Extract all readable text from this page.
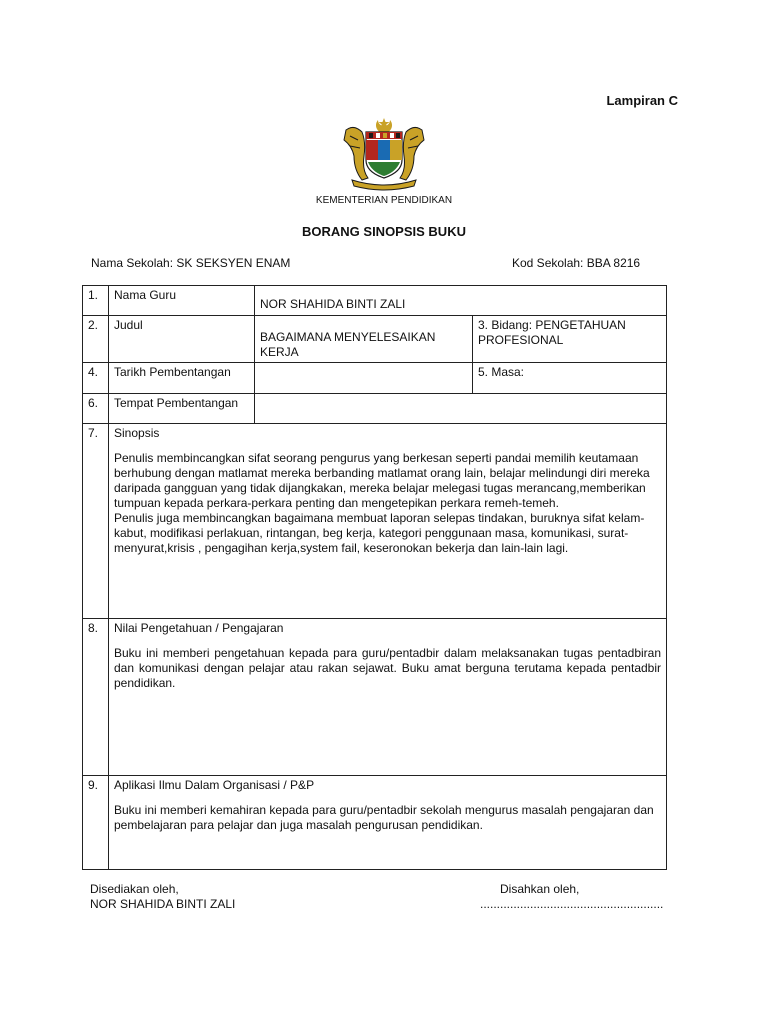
Lampiran C
KEMENTERIAN PENDIDIKAN
BORANG SINOPSIS BUKU
Nama Sekolah: SK SEKSYEN ENAM	Kod Sekolah: BBA 8216
1.	Nama Guru	NOR SHAHIDA BINTI ZALI	
2.	Judul	BAGAIMANA MENYELESAIKAN KERJA	3. Bidang: PENGETAHUAN PROFESIONAL
4.	Tarikh Pembentangan		5. Masa:
6.	Tempat Pembentangan		
7.	Sinopsis
Penulis membincangkan sifat seorang pengurus yang berkesan seperti pandai memilih keutamaan berhubung dengan matlamat mereka berbanding matlamat orang lain, belajar melindungi diri mereka daripada gangguan yang tidak dijangkakan, mereka belajar melegasi tugas merancang,memberikan tumpuan kepada perkara-perkara penting dan mengetepikan perkara remeh-temeh.
Penulis juga membincangkan bagaimana membuat laporan selepas tindakan, buruknya sifat kelam-kabut, modifikasi perlakuan, rintangan, beg kerja, kategori penggunaan masa, komunikasi, surat-menyurat,krisis , pengagihan kerja,system fail, keseronokan bekerja dan lain-lain lagi.		

8.	Nilai Pengetahuan / Pengajaran
Buku ini memberi pengetahuan kepada para guru/pentadbir dalam melaksanakan tugas pentadbiran dan komunikasi dengan pelajar atau rakan sejawat. Buku amat berguna terutama kepada pentadbir pendidikan.		

9.	Aplikasi Ilmu Dalam Organisasi / P&P
Buku ini memberi kemahiran kepada para guru/pentadbir sekolah mengurus masalah pengajaran dan pembelajaran para pelajar dan juga masalah pengurusan pendidikan.		
Disediakan oleh,
NOR SHAHIDA BINTI ZALI
Disahkan oleh,
.......................................................
